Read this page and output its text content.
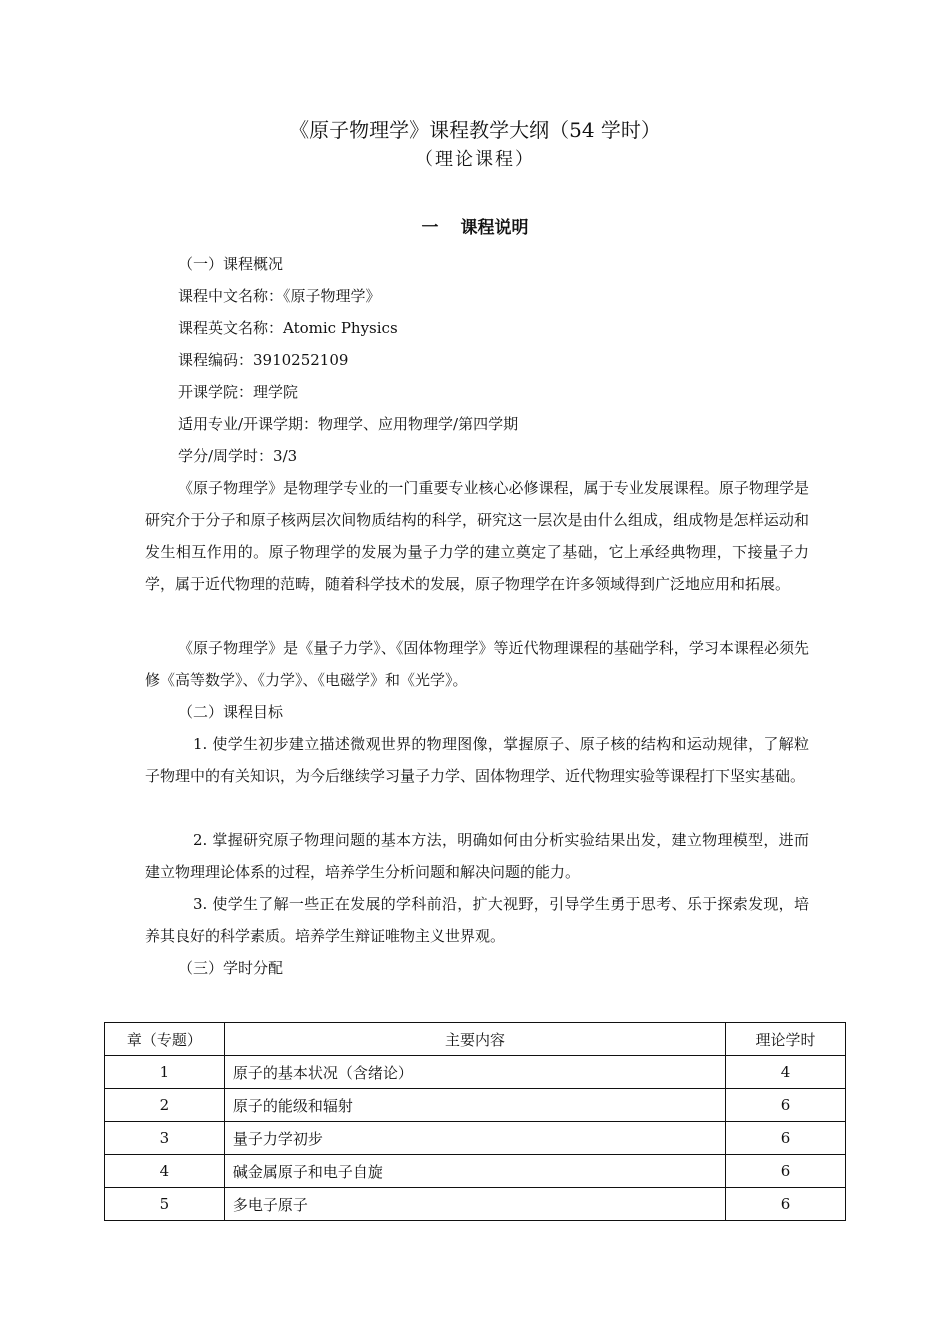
《原子物理学》课程教学大纲（54 学时）
（理论课程）
一 课程说明
（一）课程概况
课程中文名称：《原子物理学》
课程英文名称：Atomic Physics
课程编码：3910252109
开课学院：理学院
适用专业/开课学期：物理学、应用物理学/第四学期
学分/周学时：3/3
《原子物理学》是物理学专业的一门重要专业核心必修课程，属于专业发展课程。原子物理学是研究介于分子和原子核两层次间物质结构的科学，研究这一层次是由什么组成，组成物是怎样运动和发生相互作用的。原子物理学的发展为量子力学的建立奠定了基础，它上承经典物理，下接量子力学，属于近代物理的范畴，随着科学技术的发展，原子物理学在许多领域得到广泛地应用和拓展。
《原子物理学》是《量子力学》、《固体物理学》等近代物理课程的基础学科，学习本课程必须先修《高等数学》、《力学》、《电磁学》和《光学》。
（二）课程目标
1. 使学生初步建立描述微观世界的物理图像，掌握原子、原子核的结构和运动规律，了解粒子物理中的有关知识，为今后继续学习量子力学、固体物理学、近代物理实验等课程打下坚实基础。
2. 掌握研究原子物理问题的基本方法，明确如何由分析实验结果出发，建立物理模型，进而建立物理理论体系的过程，培养学生分析问题和解决问题的能力。
3. 使学生了解一些正在发展的学科前沿，扩大视野，引导学生勇于思考、乐于探索发现，培养其良好的科学素质。培养学生辩证唯物主义世界观。
（三）学时分配
章（专题）	主要内容	理论学时
1	原子的基本状况（含绪论）	4
2	原子的能级和辐射	6
3	量子力学初步	6
4	碱金属原子和电子自旋	6
5	多电子原子	6
